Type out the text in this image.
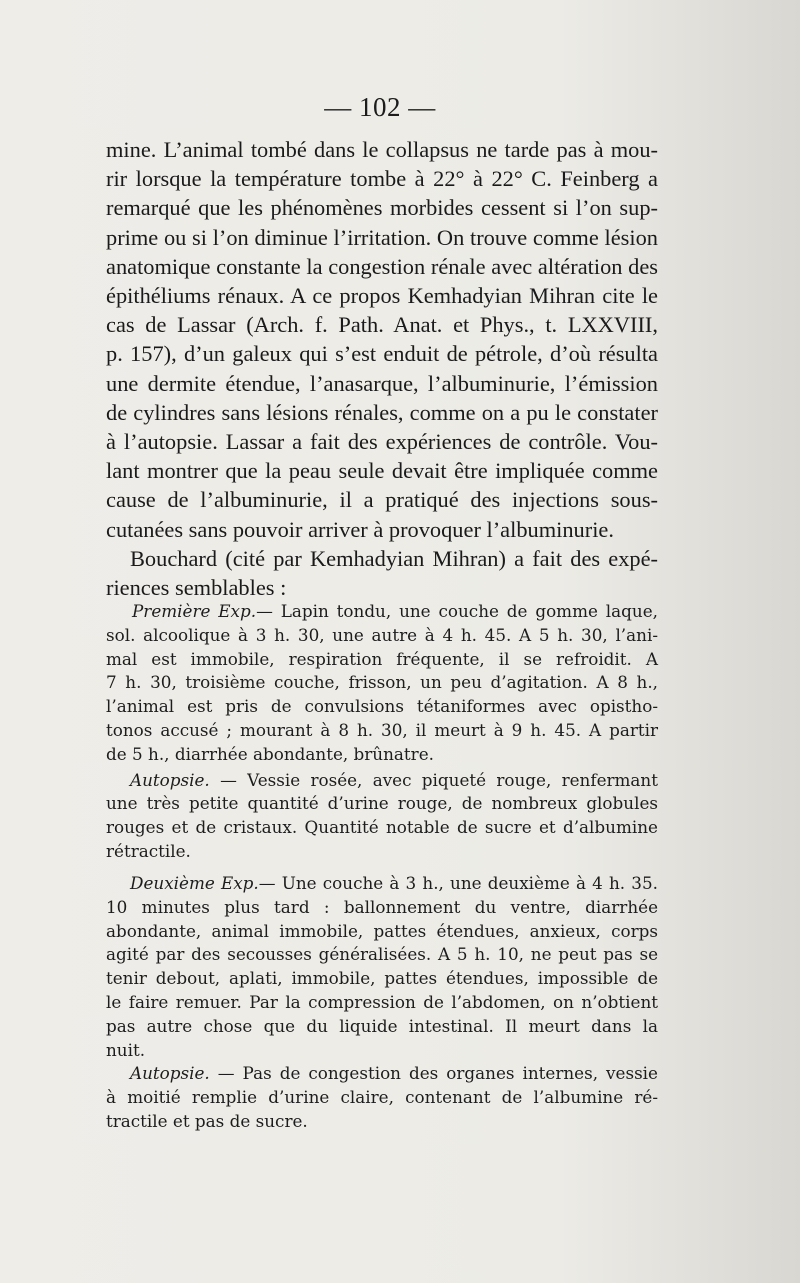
— 102 —
mine. L’animal tombé dans le collapsus ne tarde pas à mou-
rir lorsque la température tombe à 22° à 22° C. Feinberg a
remarqué que les phénomènes morbides cessent si l’on sup-
prime ou si l’on diminue l’irritation. On trouve comme lésion
anatomique constante la congestion rénale avec altération des
épithéliums rénaux. A ce propos Kemhadyian Mihran cite le
cas de Lassar (Arch. f. Path. Anat. et Phys., t. LXXVIII,
p. 157), d’un galeux qui s’est enduit de pétrole, d’où résulta
une dermite étendue, l’anasarque, l’albuminurie, l’émission
de cylindres sans lésions rénales, comme on a pu le constater
à l’autopsie. Lassar a fait des expériences de contrôle. Vou-
lant montrer que la peau seule devait être impliquée comme
cause de l’albuminurie, il a pratiqué des injections sous-
cutanées sans pouvoir arriver à provoquer l’albuminurie.
Bouchard (cité par Kemhadyian Mihran) a fait des expé-
riences semblables :
Première Exp.— Lapin tondu, une couche de gomme laque,
sol. alcoolique à 3 h. 30, une autre à 4 h. 45. A 5 h. 30, l’ani-
mal est immobile, respiration fréquente, il se refroidit. A
7 h. 30, troisième couche, frisson, un peu d’agitation. A 8 h.,
l’animal est pris de convulsions tétaniformes avec opistho-
tonos accusé ; mourant à 8 h. 30, il meurt à 9 h. 45. A partir
de 5 h., diarrhée abondante, brûnatre.
Autopsie. — Vessie rosée, avec piqueté rouge, renfermant
une très petite quantité d’urine rouge, de nombreux globules
rouges et de cristaux. Quantité notable de sucre et d’albumine
rétractile.
Deuxième Exp.— Une couche à 3 h., une deuxième à 4 h. 35.
10 minutes plus tard : ballonnement du ventre, diarrhée
abondante, animal immobile, pattes étendues, anxieux, corps
agité par des secousses généralisées. A 5 h. 10, ne peut pas se
tenir debout, aplati, immobile, pattes étendues, impossible de
le faire remuer. Par la compression de l’abdomen, on n’obtient
pas autre chose que du liquide intestinal. Il meurt dans la
nuit.
Autopsie. — Pas de congestion des organes internes, vessie
à moitié remplie d’urine claire, contenant de l’albumine ré-
tractile et pas de sucre.
